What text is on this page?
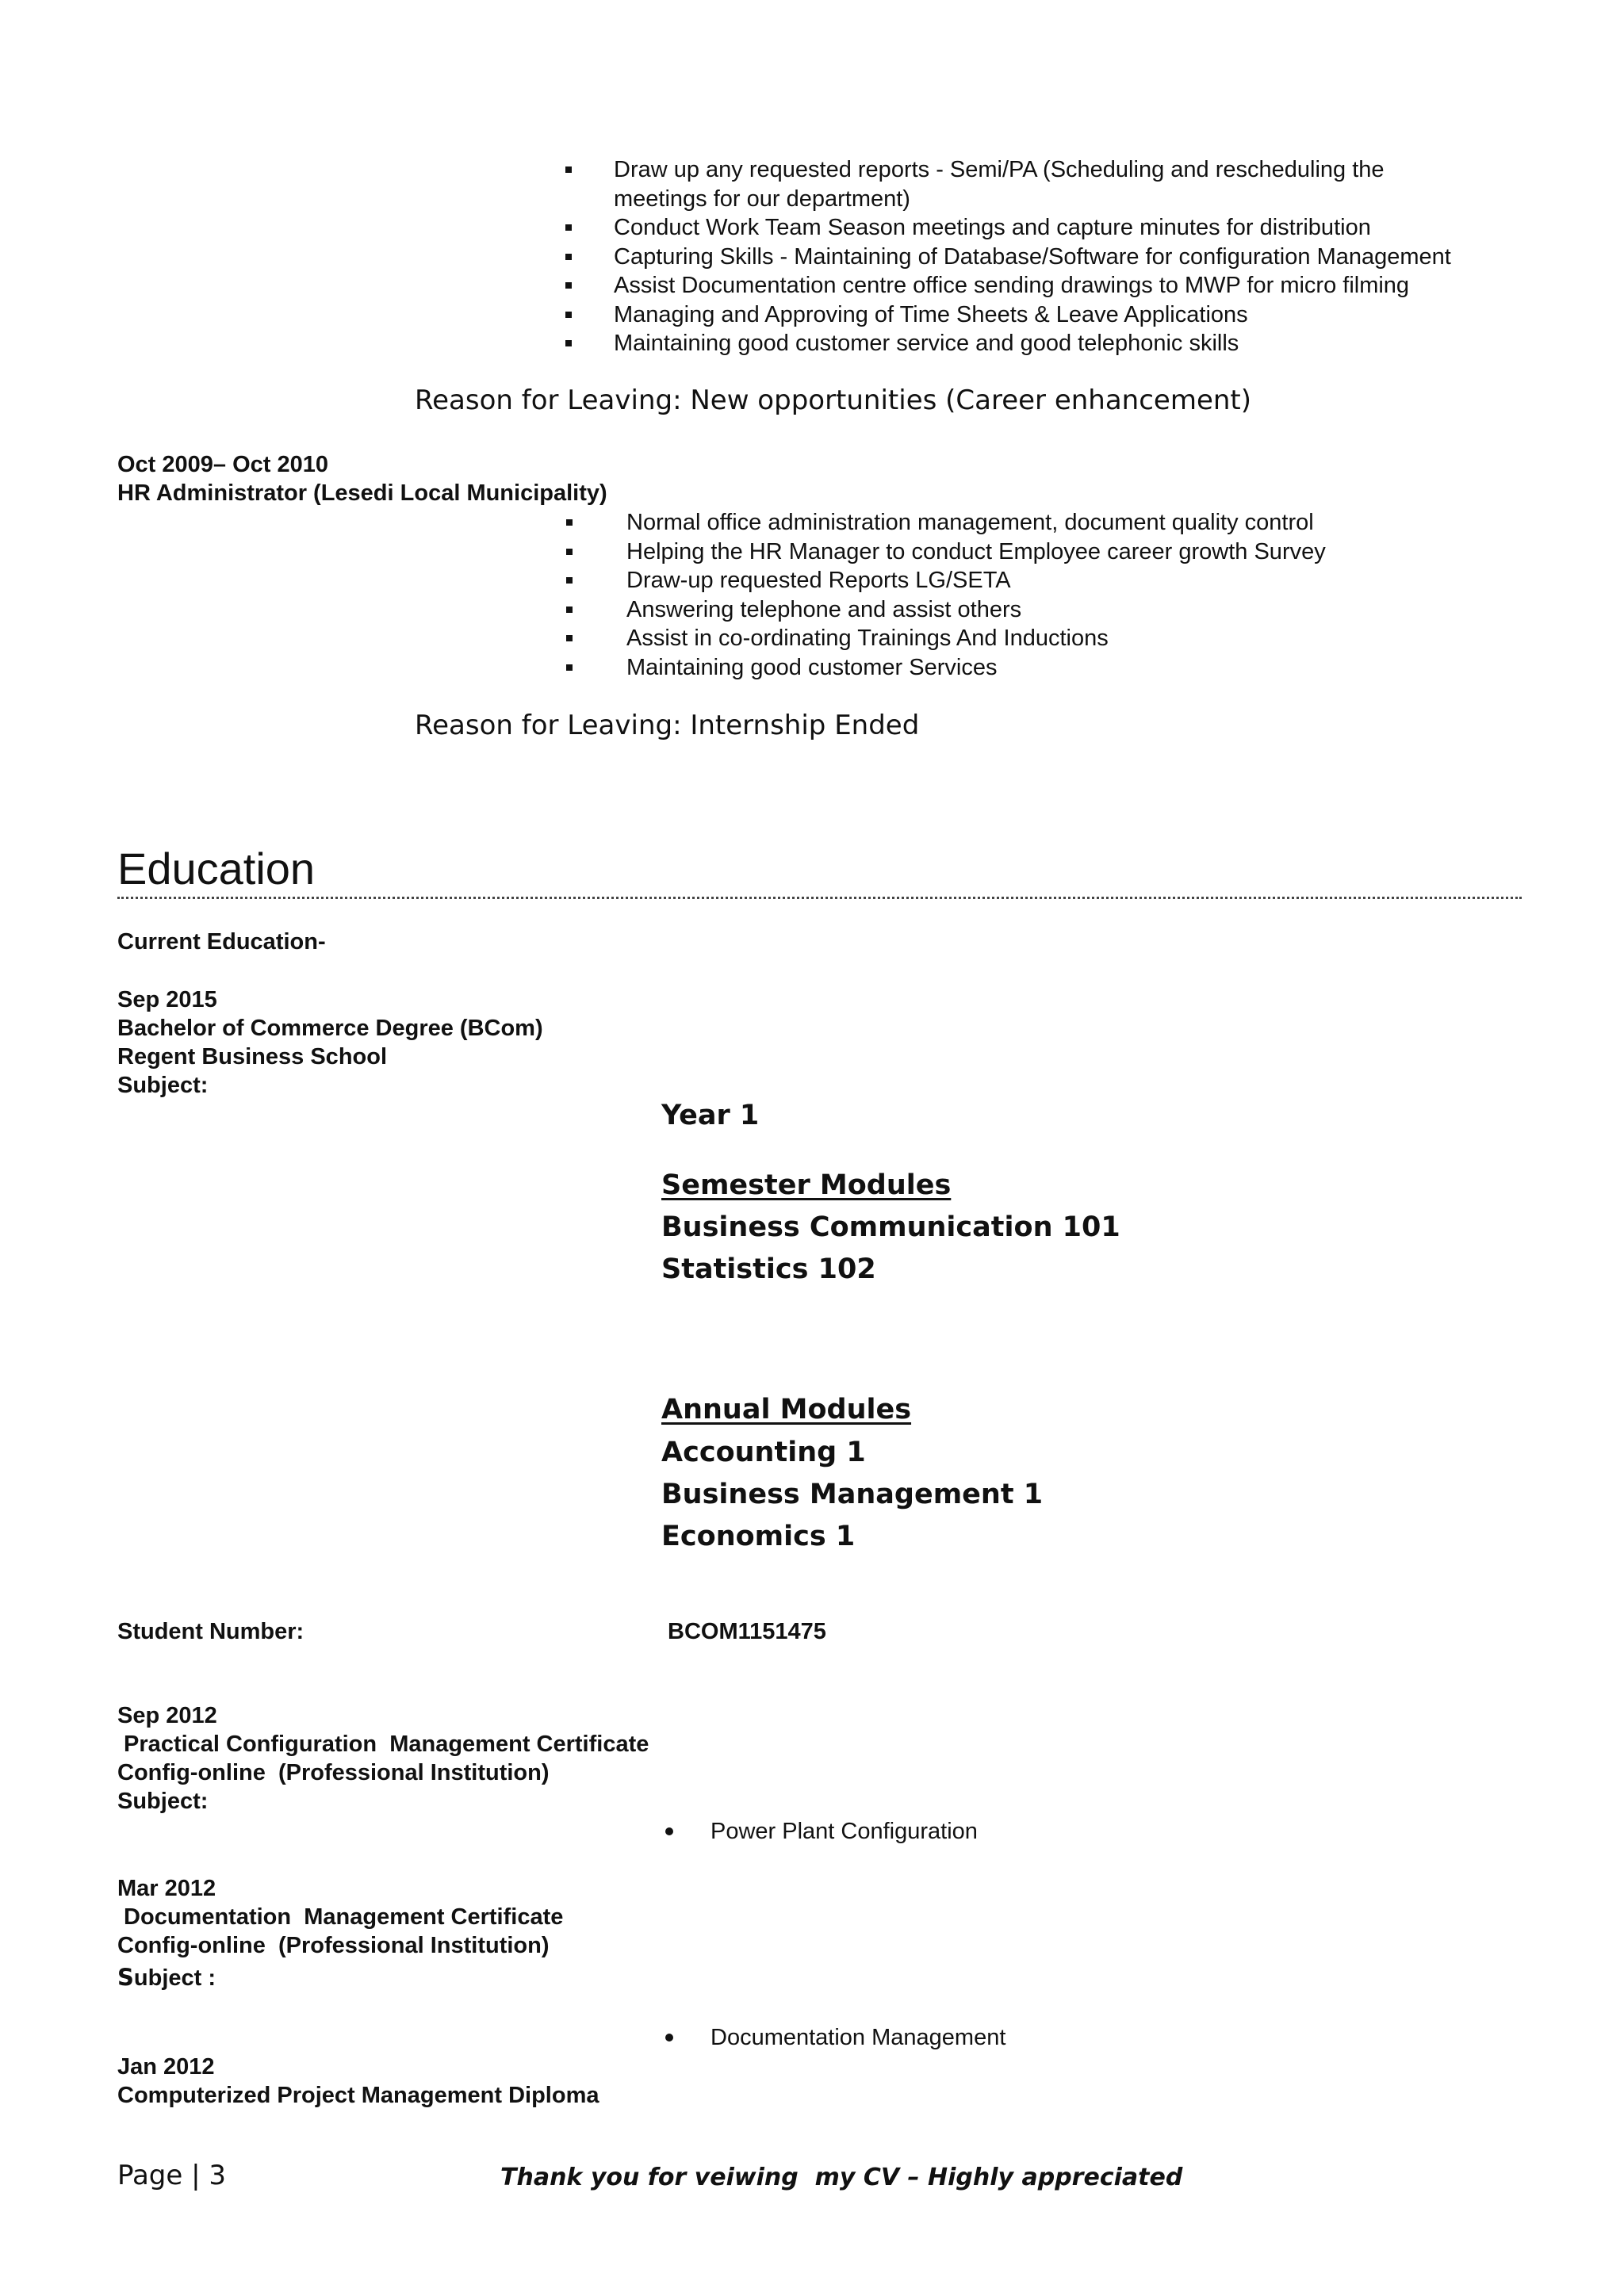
Draw up any requested reports - Semi/PA (Scheduling and rescheduling the
meetings for our department)
Conduct Work Team Season meetings and capture minutes for distribution
Capturing Skills - Maintaining of Database/Software for configuration Management
Assist Documentation centre office sending drawings to MWP for micro filming
Managing and Approving of Time Sheets & Leave Applications
Maintaining good customer service and good telephonic skills
Reason for Leaving: New opportunities (Career enhancement)
Oct 2009– Oct 2010
HR Administrator (Lesedi Local Municipality)
Normal office administration management, document quality control
Helping the HR Manager to conduct Employee career growth Survey
Draw-up requested Reports LG/SETA
Answering telephone and assist others
Assist in co-ordinating Trainings And Inductions
Maintaining good customer Services
Reason for Leaving: Internship Ended
Education
Current Education-
Sep 2015
Bachelor of Commerce Degree (BCom)
Regent Business School
Subject:
Year 1
Semester Modules
Business Communication 101
Statistics 102
Annual Modules
Accounting 1
Business Management 1
Economics 1
Student Number:	BCOM1151475
Sep 2012
Practical Configuration  Management Certificate
Config-online  (Professional Institution)
Subject:
Power Plant Configuration
Mar 2012
Documentation  Management Certificate
Config-online  (Professional Institution)
Subject :
Documentation Management
Jan 2012
Computerized Project Management Diploma
Page | 3	Thank you for veiwing  my CV – Highly appreciated
